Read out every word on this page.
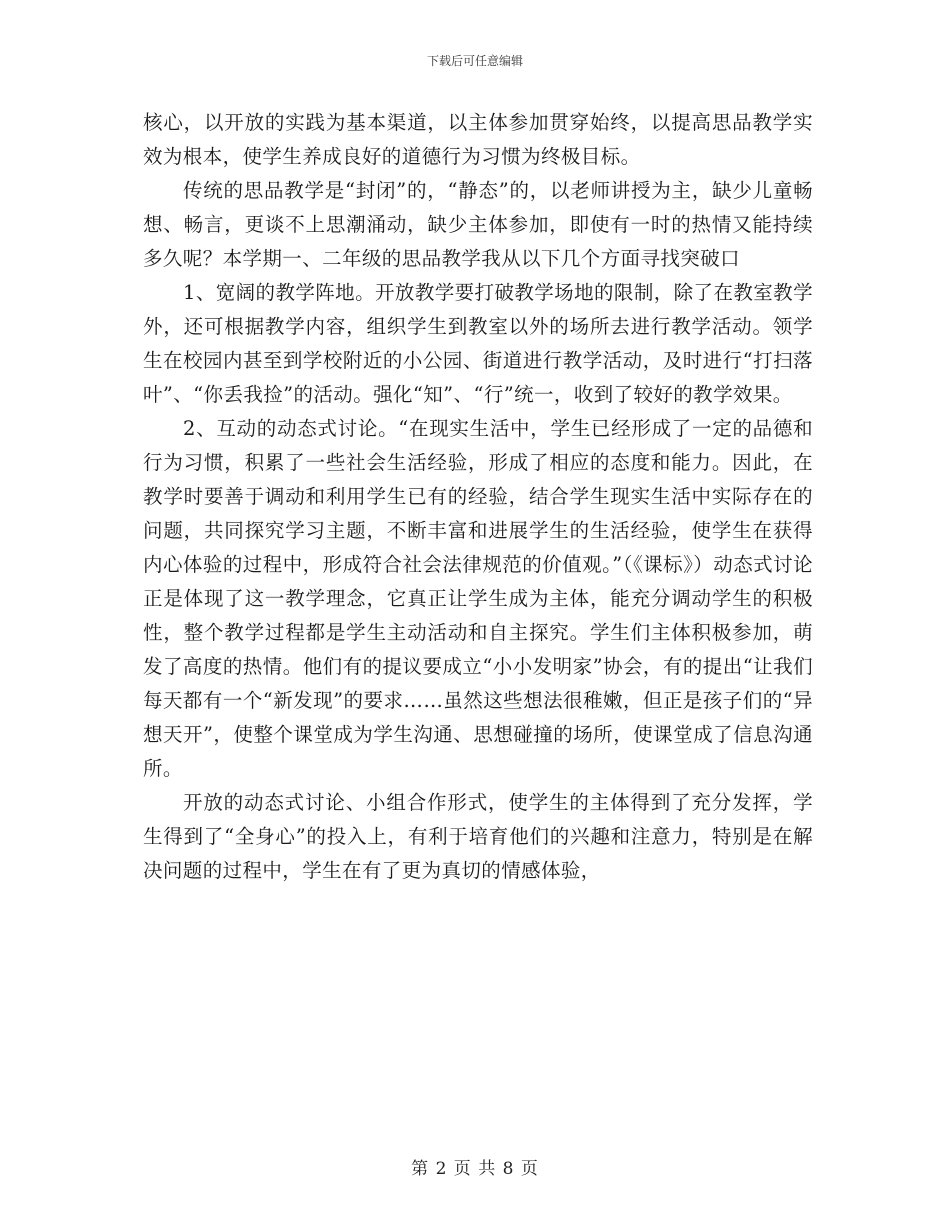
下载后可任意编辑

核心，以开放的实践为基本渠道，以主体参加贯穿始终，以提高思品教学实效为根本，使学生养成良好的道德行为习惯为终极目标。

传统的思品教学是“封闭”的，“静态”的，以老师讲授为主，缺少儿童畅想、畅言，更谈不上思潮涌动，缺少主体参加，即使有一时的热情又能持续多久呢？本学期一、二年级的思品教学我从以下几个方面寻找突破口

1、宽阔的教学阵地。开放教学要打破教学场地的限制，除了在教室教学外，还可根据教学内容，组织学生到教室以外的场所去进行教学活动。领学生在校园内甚至到学校附近的小公园、街道进行教学活动，及时进行“打扫落叶”、“你丢我捡”的活动。强化“知”、“行”统一，收到了较好的教学效果。

2、互动的动态式讨论。“在现实生活中，学生已经形成了一定的品德和行为习惯，积累了一些社会生活经验，形成了相应的态度和能力。因此，在教学时要善于调动和利用学生已有的经验，结合学生现实生活中实际存在的问题，共同探究学习主题，不断丰富和进展学生的生活经验，使学生在获得内心体验的过程中，形成符合社会法律规范的价值观。”（《课标》）动态式讨论正是体现了这一教学理念，它真正让学生成为主体，能充分调动学生的积极性，整个教学过程都是学生主动活动和自主探究。学生们主体积极参加，萌发了高度的热情。他们有的提议要成立“小小发明家”协会，有的提出“让我们每天都有一个“新发现”的要求……虽然这些想法很稚嫩，但正是孩子们的“异想天开”，使整个课堂成为学生沟通、思想碰撞的场所，使课堂成了信息沟通所。

开放的动态式讨论、小组合作形式，使学生的主体得到了充分发挥，学生得到了“全身心”的投入上，有利于培育他们的兴趣和注意力，特别是在解决问题的过程中，学生在有了更为真切的情感体验，

第 2 页 共 8 页
